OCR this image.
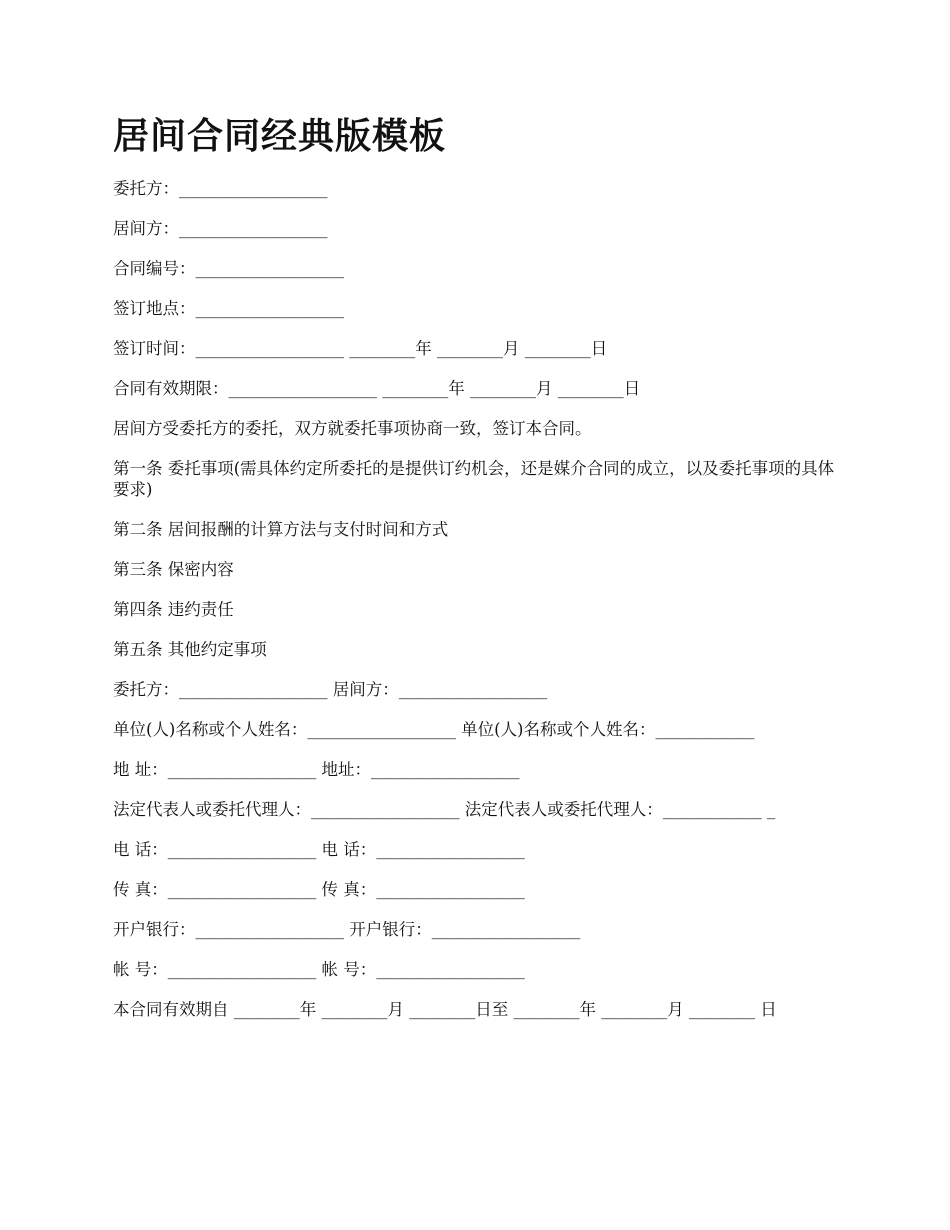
居间合同经典版模板

委托方：__________________

居间方：__________________

合同编号：__________________

签订地点：__________________

签订时间：__________________ ________年 ________月 ________日

合同有效期限：__________________ ________年 ________月 ________日

居间方受委托方的委托，双方就委托事项协商一致，签订本合同。

第一条 委托事项(需具体约定所委托的是提供订约机会，还是媒介合同的成立，以及委托事项的具体要求)

第二条 居间报酬的计算方法与支付时间和方式

第三条 保密内容

第四条 违约责任

第五条 其他约定事项

委托方：__________________ 居间方：__________________

单位(人)名称或个人姓名：__________________ 单位(人)名称或个人姓名：____________

地 址：__________________ 地址：__________________

法定代表人或委托代理人：__________________ 法定代表人或委托代理人：____________ _

电 话：__________________ 电 话：__________________

传 真：__________________ 传 真：__________________

开户银行：__________________ 开户银行：__________________

帐 号：__________________ 帐 号：__________________

本合同有效期自 ________年 ________月 ________日至 ________年 ________月 ________ 日
